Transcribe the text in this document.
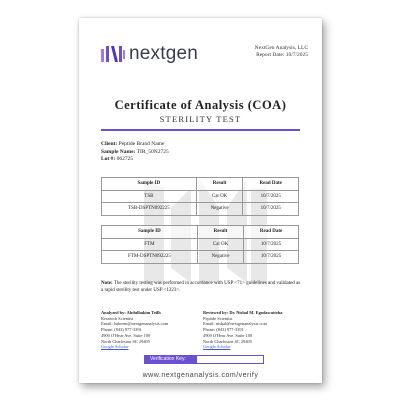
nextgen	NextGen Analysis, LLC
Report Date: 10/7/2025
Certificate of Analysis (COA)
STERILITY TEST
Client: Peptide Brand Name
Sample Name: TIR_50N2725
Lot #: 062725
Sample ID	Result	Read Date
TSB	Cat OK	10/7/2025
TSB-DSPTN092225	Negative	10/7/2025
Sample ID	Result	Read Date
FTM	Cat OK	10/7/2025
FTM-DSPTN092225	Negative	10/7/2025
Note: The sterility testing was performed in accordance with USP <71> guidelines and validated as a rapid sterility test under USP <1223>.
Analyzed by: Abdulhakim Teilh
Research Scientist
Email: hakeem@nextgenanalysis.com
Phone: (843) 977-3391
4900 O'Hear Ave. Suite 100
North Charleston SC 29405
Google Scholar
Reviewed by: Dr. Nishal M. Egodawatteha
Peptide Scientist
Email: nishal@nextgenanalysis.com
Phone: (843) 977-3391
4900 O'Hear Ave. Suite 100
North Charleston SC 29405
Google Scholar
Verification Key:
www.nextgenanalysis.com/verify
